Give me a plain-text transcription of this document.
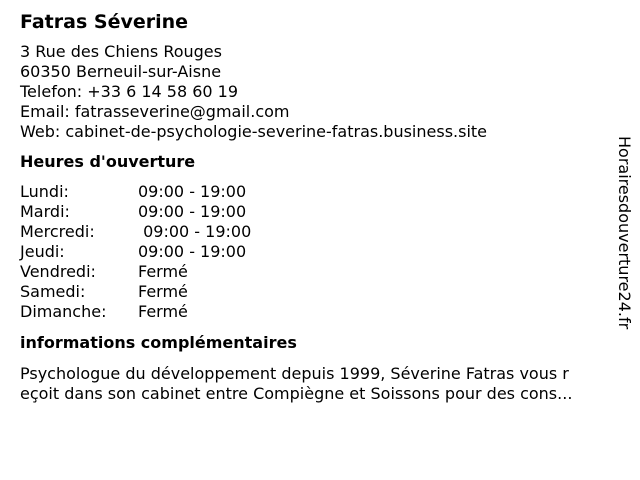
Fatras Séverine
3 Rue des Chiens Rouges
60350 Berneuil-sur-Aisne
Telefon: +33 6 14 58 60 19
Email: fatrasseverine@gmail.com
Web: cabinet-de-psychologie-severine-fatras.business.site
Heures d'ouverture
Lundi:	09:00 - 19:00
Mardi:	09:00 - 19:00
Mercredi:	09:00 - 19:00
Jeudi:	09:00 - 19:00
Vendredi:	Fermé
Samedi:	Fermé
Dimanche:	Fermé
informations complémentaires
Psychologue du développement depuis 1999, Séverine Fatras vous r
eçoit dans son cabinet entre Compiègne et Soissons pour des cons...
Horairesdouverture24.fr
